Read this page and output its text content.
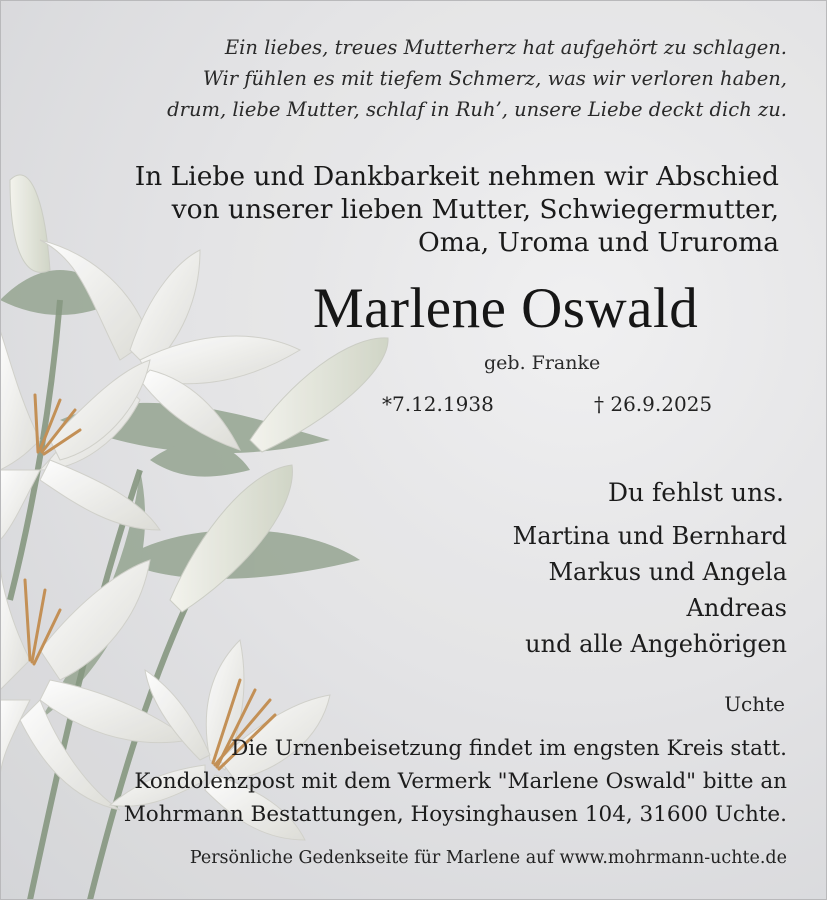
Ein liebes, treues Mutterherz hat aufgehört zu schlagen.
Wir fühlen es mit tiefem Schmerz, was wir verloren haben,
drum, liebe Mutter, schlaf in Ruh’, unsere Liebe deckt dich zu.
In Liebe und Dankbarkeit nehmen wir Abschied
von unserer lieben Mutter, Schwiegermutter,
Oma, Uroma und Ururoma
Marlene Oswald
geb. Franke
*7.12.1938	† 26.9.2025
Du fehlst uns.
Martina und Bernhard
Markus und Angela
Andreas
und alle Angehörigen
Uchte
Die Urnenbeisetzung findet im engsten Kreis statt.
Kondolenzpost mit dem Vermerk "Marlene Oswald" bitte an
Mohrmann Bestattungen, Hoysinghausen 104, 31600 Uchte.
Persönliche Gedenkseite für Marlene auf www.mohrmann-uchte.de
